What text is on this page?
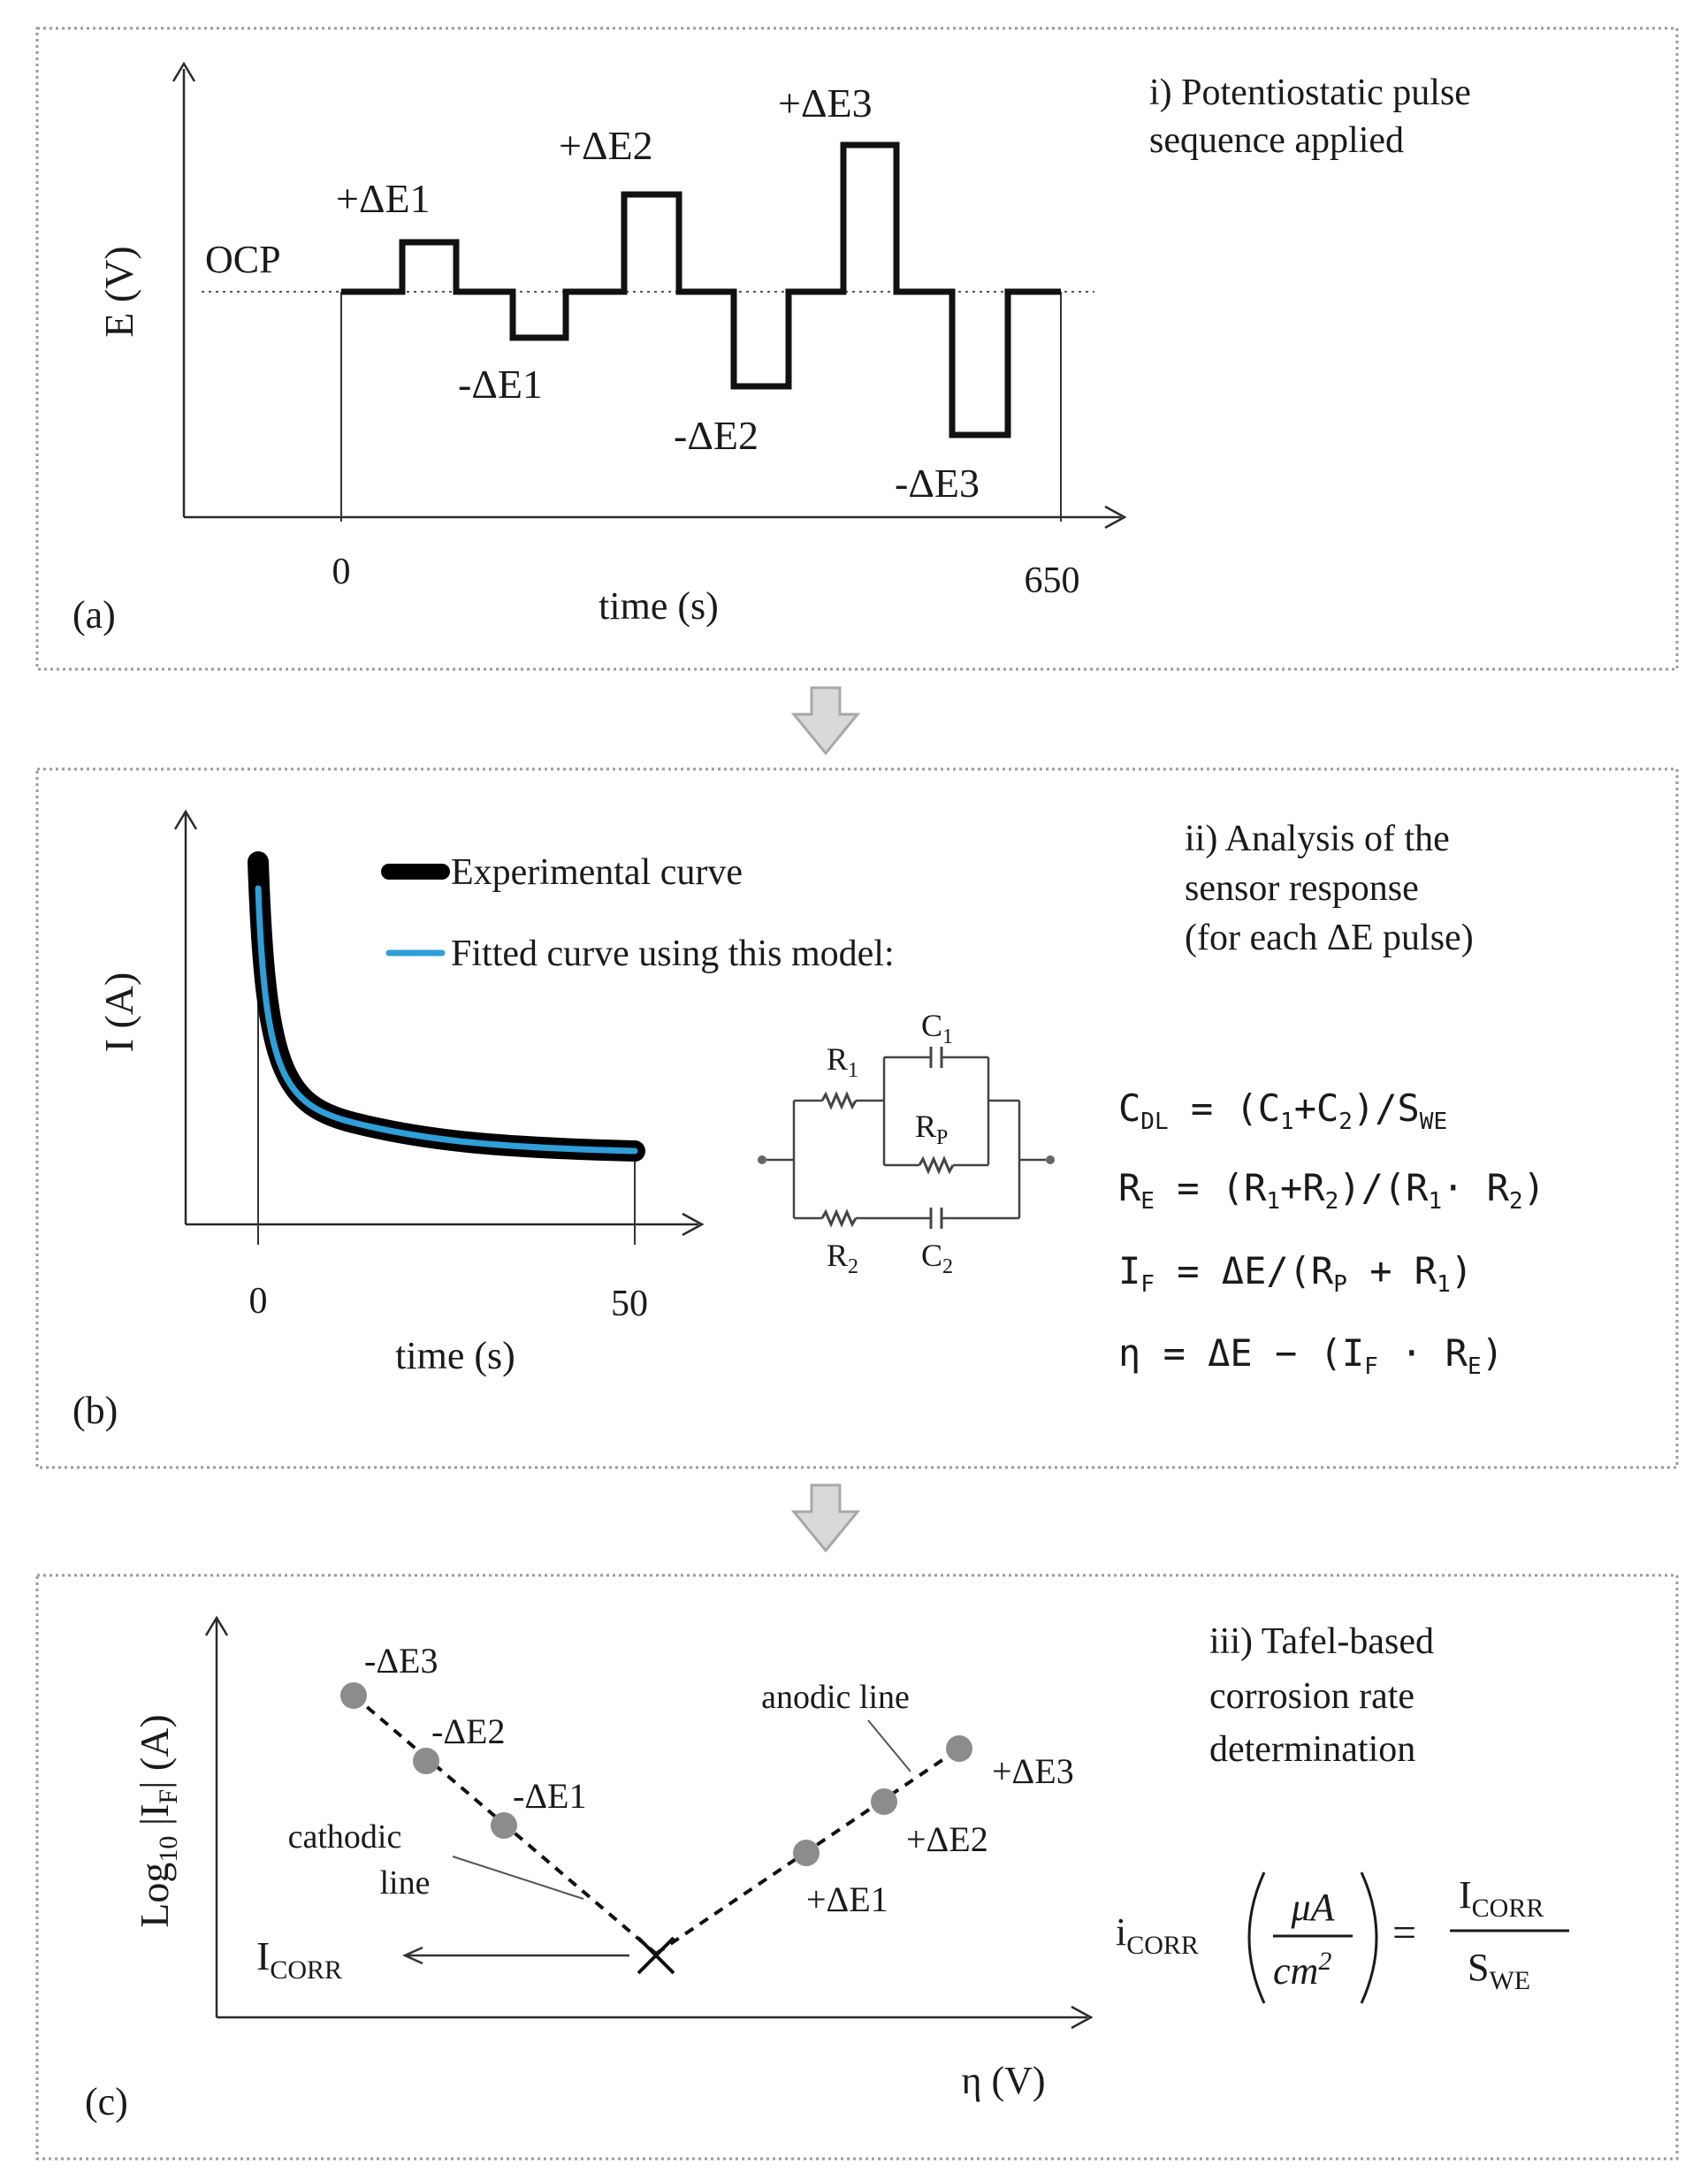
E (V) OCP
+ΔE1
-ΔE1
+ΔE2
-ΔE2
+ΔE3
-ΔE3
0	650
time (s)
(a)
i) Potentiostatic pulse
sequence applied
I (A)
0	50
time (s)
(b)
Experimental curve
Fitted curve using this model:
ii) Analysis of the
sensor response
(for each ΔE pulse)
$R_1$
$C_1$
$R_P$
$R_2$ $C_2$
$C_{DL} = (C_1+C_2)/S_{WE}$
$R_E = (R_1+R_2)/(R_1\cdot R_2)$
$I_F = \Delta E/(R_P + R_1)$
$\eta = \Delta E - (I_F \cdot R_E)$
$I_{CORR}$
-ΔE3
-ΔE2
-ΔE1
+ΔE1
+ΔE2
+ΔE3
cathodic
line
anodic line
Log$_{10}$ $|I_F|$ (A)
η (V)
(c)
iii) Tafel-based
corrosion rate
determination
$i_{CORR}$
μA
$cm^2$
=
$I_{CORR}$
$S_{WE}$
